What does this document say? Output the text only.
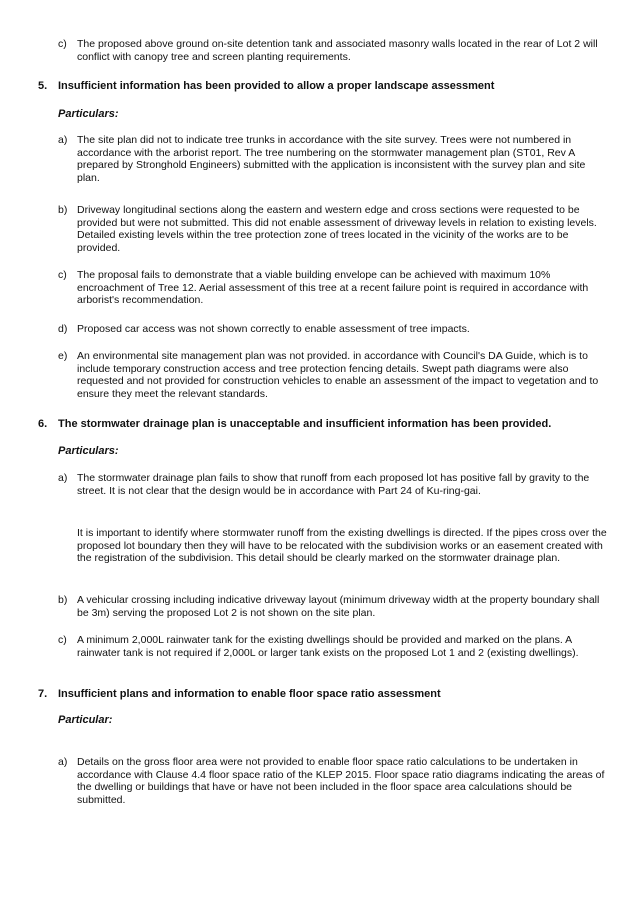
c) The proposed above ground on-site detention tank and associated masonry walls located in the rear of Lot 2 will conflict with canopy tree and screen planting requirements.
5. Insufficient information has been provided to allow a proper landscape assessment
Particulars:
a) The site plan did not to indicate tree trunks in accordance with the site survey. Trees were not numbered in accordance with the arborist report. The tree numbering on the stormwater management plan (ST01, Rev A prepared by Stronghold Engineers) submitted with the application is inconsistent with the survey plan and site plan.
b) Driveway longitudinal sections along the eastern and western edge and cross sections were requested to be provided but were not submitted. This did not enable assessment of driveway levels in relation to existing levels. Detailed existing levels within the tree protection zone of trees located in the vicinity of the works are to be provided.
c) The proposal fails to demonstrate that a viable building envelope can be achieved with maximum 10% encroachment of Tree 12. Aerial assessment of this tree at a recent failure point is required in accordance with arborist's recommendation.
d) Proposed car access was not shown correctly to enable assessment of tree impacts.
e) An environmental site management plan was not provided. in accordance with Council's DA Guide, which is to include temporary construction access and tree protection fencing details. Swept path diagrams were also requested and not provided for construction vehicles to enable an assessment of the impact to vegetation and to ensure they meet the relevant standards.
6. The stormwater drainage plan is unacceptable and insufficient information has been provided.
Particulars:
a) The stormwater drainage plan fails to show that runoff from each proposed lot has positive fall by gravity to the street. It is not clear that the design would be in accordance with Part 24 of Ku-ring-gai.
It is important to identify where stormwater runoff from the existing dwellings is directed. If the pipes cross over the proposed lot boundary then they will have to be relocated with the subdivision works or an easement created with the registration of the subdivision. This detail should be clearly marked on the stormwater drainage plan.
b) A vehicular crossing including indicative driveway layout (minimum driveway width at the property boundary shall be 3m) serving the proposed Lot 2 is not shown on the site plan.
c) A minimum 2,000L rainwater tank for the existing dwellings should be provided and marked on the plans. A rainwater tank is not required if 2,000L or larger tank exists on the proposed Lot 1 and 2 (existing dwellings).
7. Insufficient plans and information to enable floor space ratio assessment
Particular:
a) Details on the gross floor area were not provided to enable floor space ratio calculations to be undertaken in accordance with Clause 4.4 floor space ratio of the KLEP 2015. Floor space ratio diagrams indicating the areas of the dwelling or buildings that have or have not been included in the floor space area calculations should be submitted.
